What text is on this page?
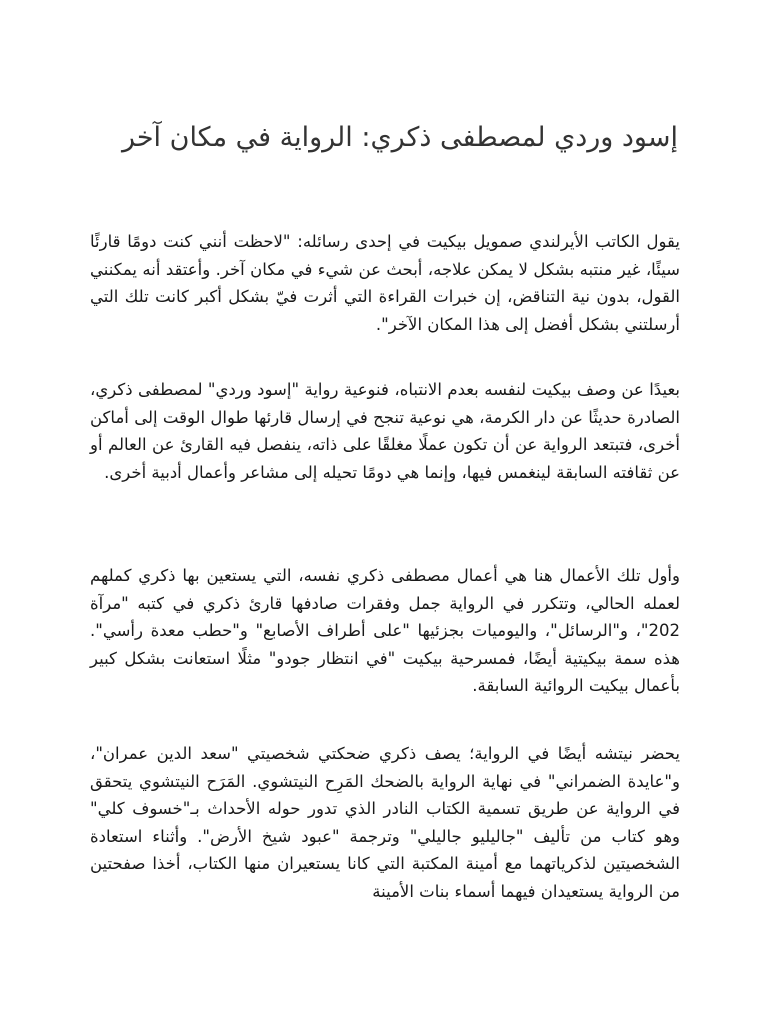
إسود وردي لمصطفى ذكري: الرواية في مكان آخر

يقول الكاتب الأيرلندي صمويل بيكيت في إحدى رسائله: "لاحظت أنني كنت دومًا قارئًا سيئًا، غير منتبه بشكل لا يمكن علاجه، أبحث عن شيء في مكان آخر. وأعتقد أنه يمكنني القول، بدون نية التناقض، إن خبرات القراءة التي أثرت فيّ بشكل أكبر كانت تلك التي أرسلتني بشكل أفضل إلى هذا المكان الآخر".

بعيدًا عن وصف بيكيت لنفسه بعدم الانتباه، فنوعية رواية "إسود وردي" لمصطفى ذكري، الصادرة حديثًا عن دار الكرمة، هي نوعية تنجح في إرسال قارئها طوال الوقت إلى أماكن أخرى، فتبتعد الرواية عن أن تكون عملًا مغلقًا على ذاته، ينفصل فيه القارئ عن العالم أو عن ثقافته السابقة لينغمس فيها، وإنما هي دومًا تحيله إلى مشاعر وأعمال أدبية أخرى.

وأول تلك الأعمال هنا هي أعمال مصطفى ذكري نفسه، التي يستعين بها ذكري كملهم لعمله الحالي، وتتكرر في الرواية جمل وفقرات صادفها قارئ ذكري في كتبه "مرآة 202"، و"الرسائل"، واليوميات بجزئيها "على أطراف الأصابع" و"حطب معدة رأسي". هذه سمة بيكيتية أيضًا، فمسرحية بيكيت "في انتظار جودو" مثلًا استعانت بشكل كبير بأعمال بيكيت الروائية السابقة.

يحضر نيتشه أيضًا في الرواية؛ يصف ذكري ضحكتي شخصيتي "سعد الدين عمران"، و"عايدة الضمراني" في نهاية الرواية بالضحك المَرِح النيتشوي. المَرَح النيتشوي يتحقق في الرواية عن طريق تسمية الكتاب النادر الذي تدور حوله الأحداث بـ"خسوف كلي" وهو كتاب من تأليف "جاليليو جاليلي" وترجمة "عبود شيخ الأرض". وأثناء استعادة الشخصيتين لذكرياتهما مع أمينة المكتبة التي كانا يستعيران منها الكتاب، أخذا صفحتين من الرواية يستعيدان فيهما أسماء بنات الأمينة
